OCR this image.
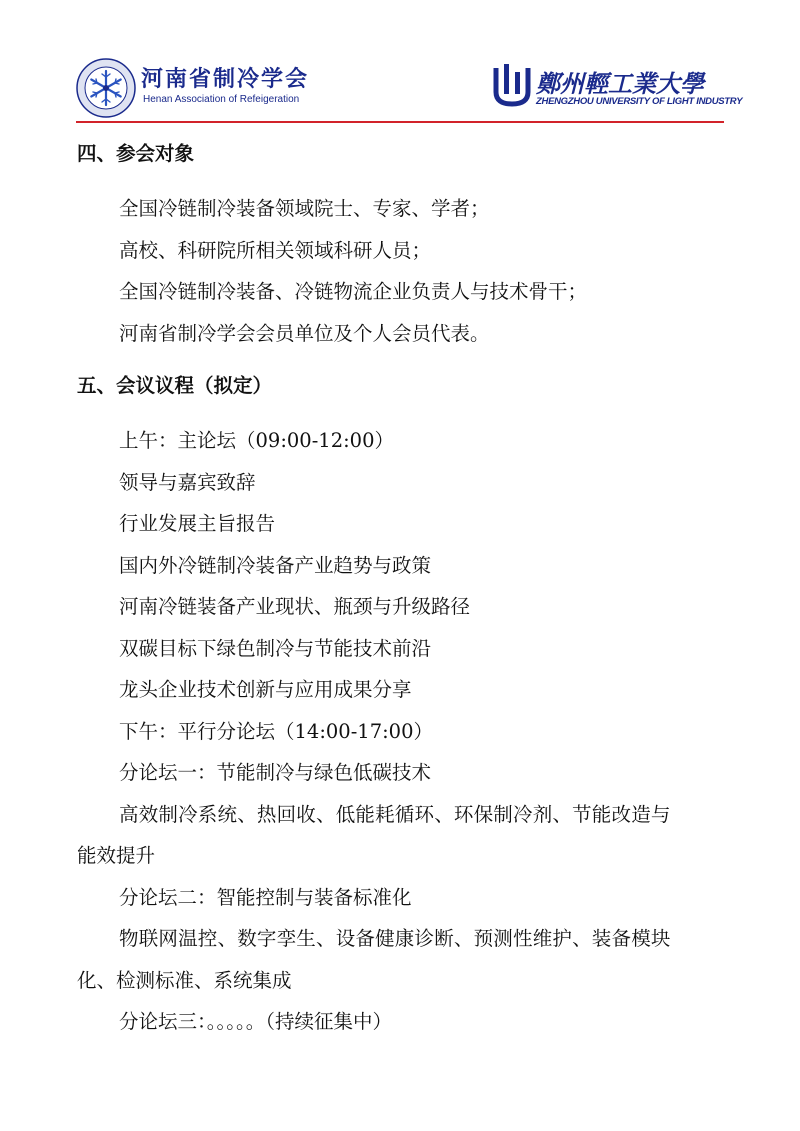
河南省制冷学会
Henan Association of Refeigeration
鄭州輕工業大學
ZHENGZHOU UNIVERSITY OF LIGHT INDUSTRY
四、参会对象
全国冷链制冷装备领域院士、专家、学者；
高校、科研院所相关领域科研人员；
全国冷链制冷装备、冷链物流企业负责人与技术骨干；
河南省制冷学会会员单位及个人会员代表。
五、会议议程（拟定）
上午：主论坛（09:00-12:00）
领导与嘉宾致辞
行业发展主旨报告
国内外冷链制冷装备产业趋势与政策
河南冷链装备产业现状、瓶颈与升级路径
双碳目标下绿色制冷与节能技术前沿
龙头企业技术创新与应用成果分享
下午：平行分论坛（14:00-17:00）
分论坛一：节能制冷与绿色低碳技术
高效制冷系统、热回收、低能耗循环、环保制冷剂、节能改造与
能效提升
分论坛二：智能控制与装备标准化
物联网温控、数字孪生、设备健康诊断、预测性维护、装备模块
化、检测标准、系统集成
分论坛三：。。。。。（持续征集中）
